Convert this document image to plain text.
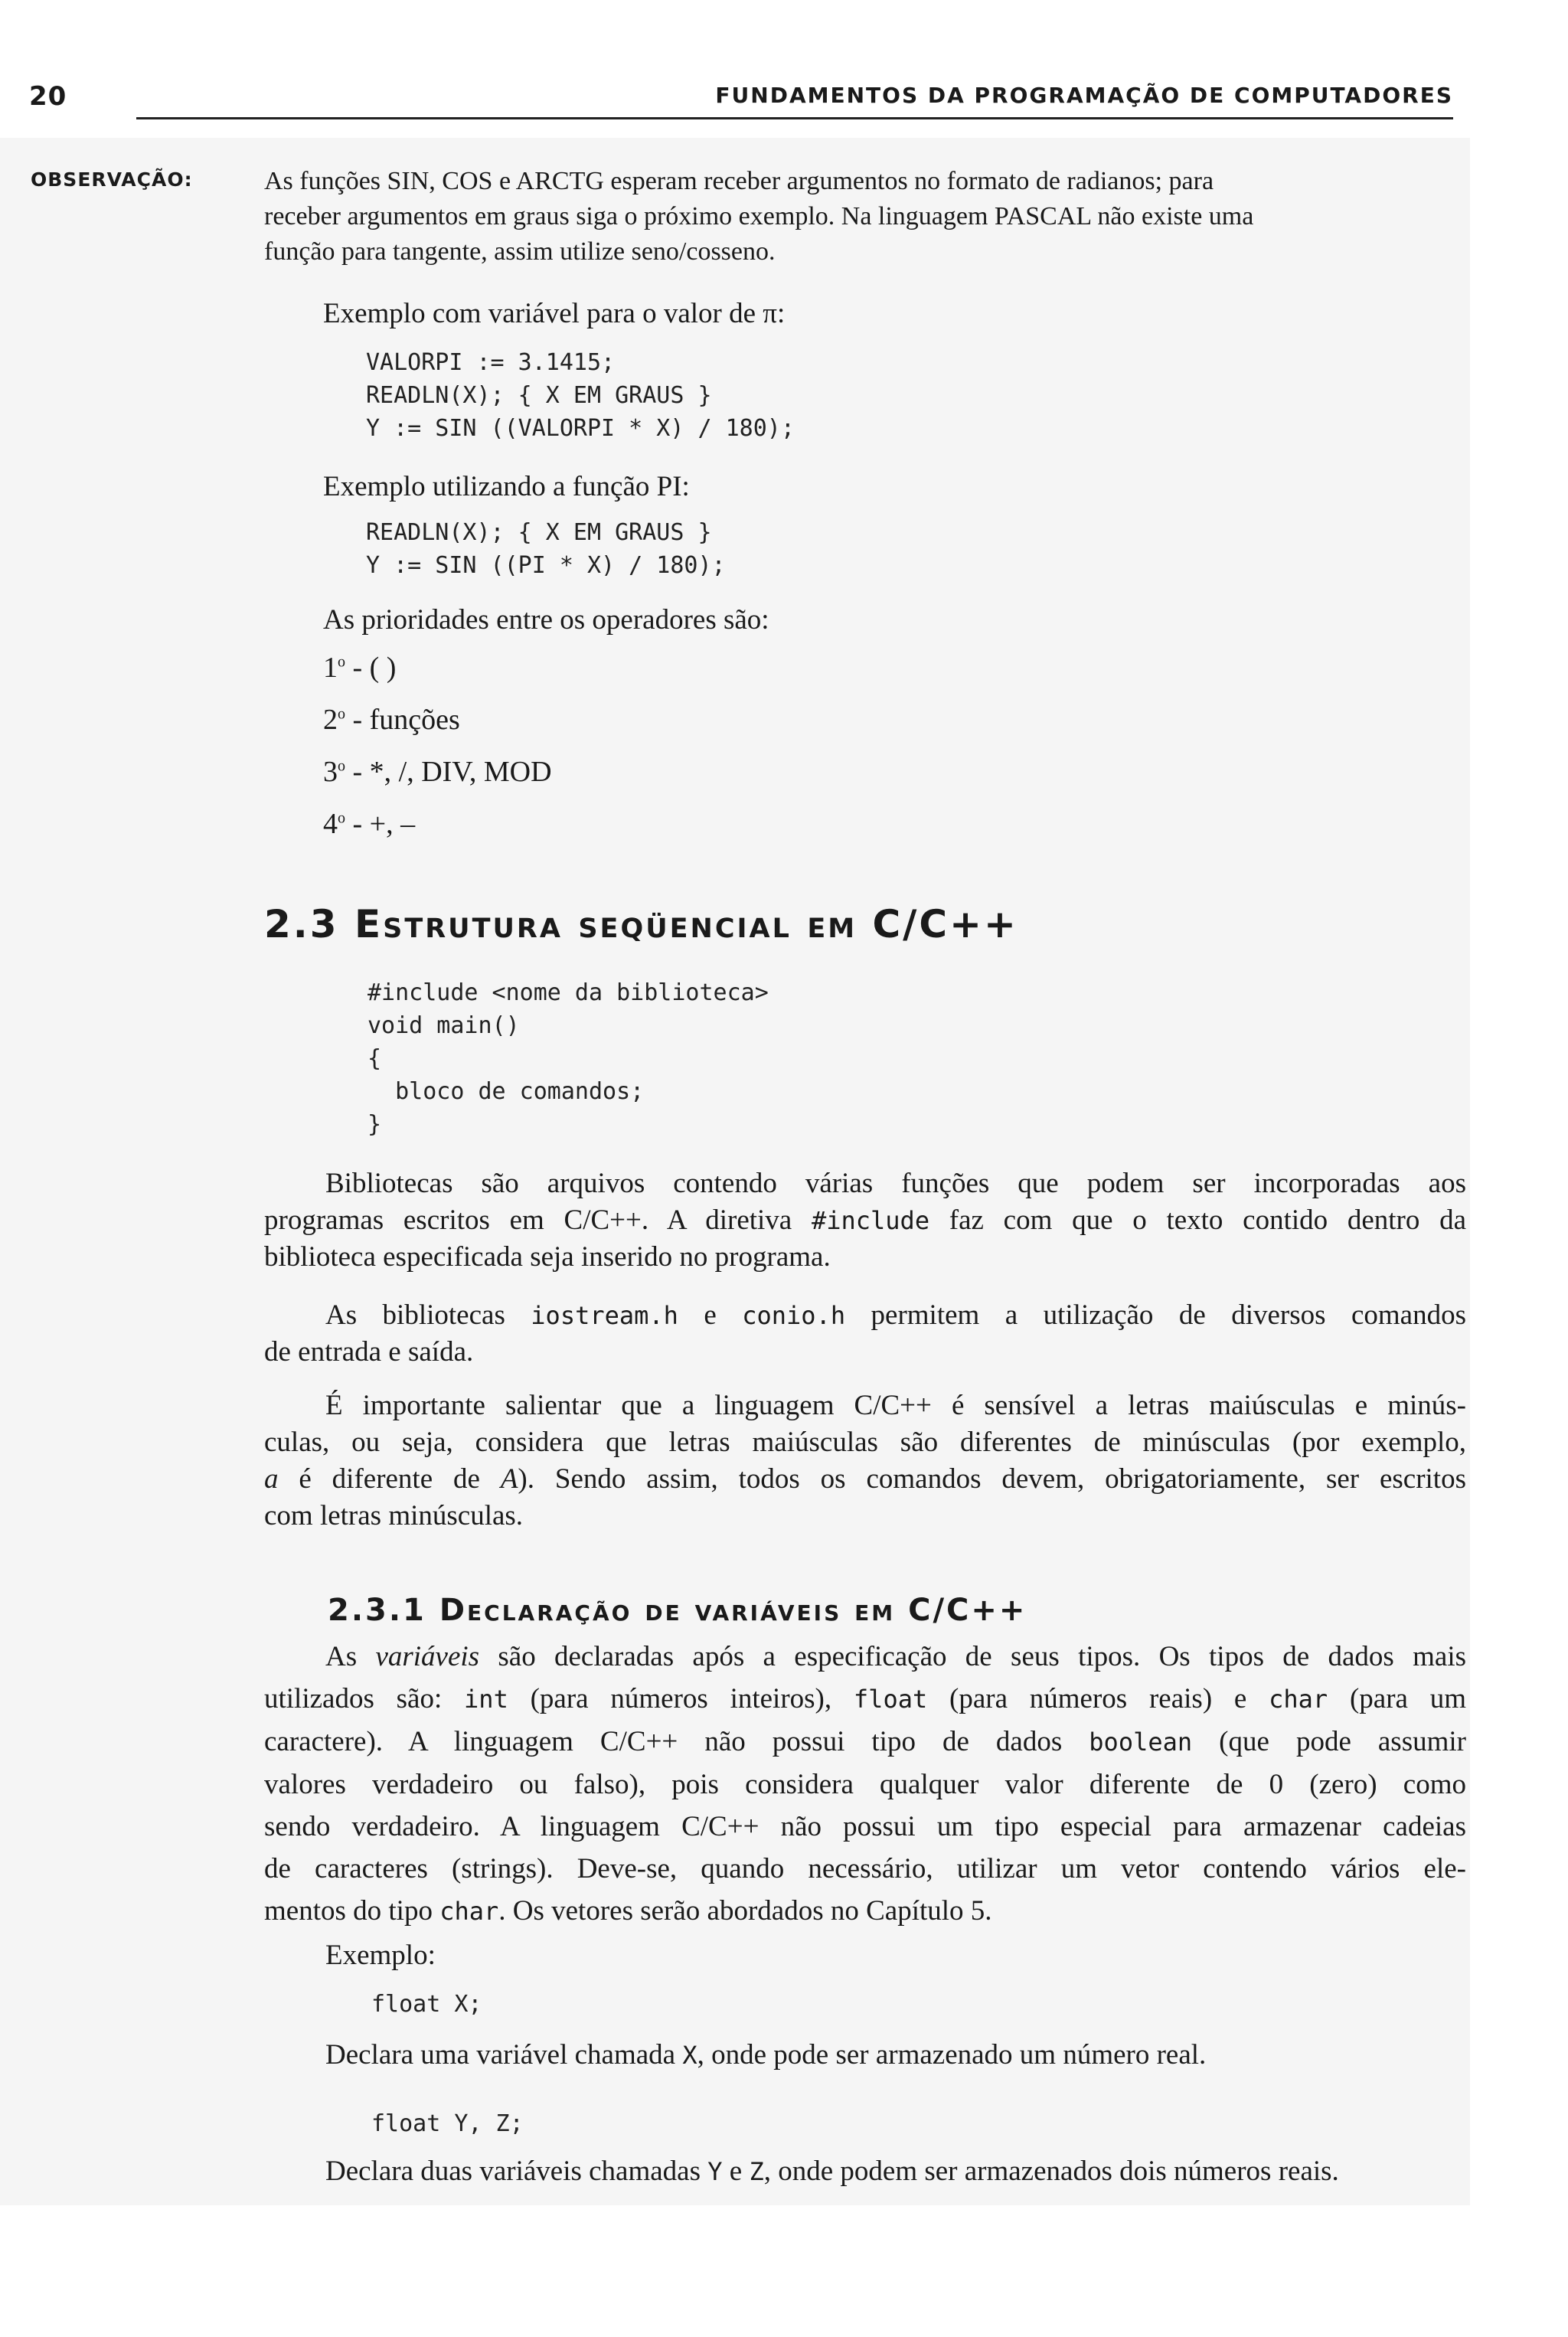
20	FUNDAMENTOS DA PROGRAMAÇÃO DE COMPUTADORES
OBSERVAÇÃO:	As funções SIN, COS e ARCTG esperam receber argumentos no formato de radianos; para
receber argumentos em graus siga o próximo exemplo. Na linguagem PASCAL não existe uma
função para tangente, assim utilize seno/cosseno.
Exemplo com variável para o valor de π:
VALORPI := 3.1415;
READLN(X); { X EM GRAUS }
Y := SIN ((VALORPI * X) / 180);
Exemplo utilizando a função PI:
READLN(X); { X EM GRAUS }
Y := SIN ((PI * X) / 180);
As prioridades entre os operadores são:
1$^o$ - ( )
2$^o$ - funções
3$^o$ - *, /, DIV, MOD
4$^o$ - +, –
2.3 Estrutura seqüencial em C/C++
#include <nome da biblioteca>
void main()
{
bloco de comandos;
}
Bibliotecas são arquivos contendo várias funções que podem ser incorporadas aos
programas escritos em C/C++. A diretiva #include faz com que o texto contido dentro da
biblioteca especificada seja inserido no programa.
As bibliotecas iostream.h e conio.h permitem a utilização de diversos comandos
de entrada e saída.
É importante salientar que a linguagem C/C++ é sensível a letras maiúsculas e minús-
culas, ou seja, considera que letras maiúsculas são diferentes de minúsculas (por exemplo,
a é diferente de A). Sendo assim, todos os comandos devem, obrigatoriamente, ser escritos
com letras minúsculas.
2.3.1 Declaração de variáveis em C/C++
As variáveis são declaradas após a especificação de seus tipos. Os tipos de dados mais
utilizados são: int (para números inteiros), float (para números reais) e char (para um
caractere). A linguagem C/C++ não possui tipo de dados boolean (que pode assumir
valores verdadeiro ou falso), pois considera qualquer valor diferente de 0 (zero) como
sendo verdadeiro. A linguagem C/C++ não possui um tipo especial para armazenar cadeias
de caracteres (strings). Deve-se, quando necessário, utilizar um vetor contendo vários ele-
mentos do tipo char. Os vetores serão abordados no Capítulo 5.
Exemplo:
float X;
Declara uma variável chamada X, onde pode ser armazenado um número real.
float Y, Z;
Declara duas variáveis chamadas Y e Z, onde podem ser armazenados dois números reais.
